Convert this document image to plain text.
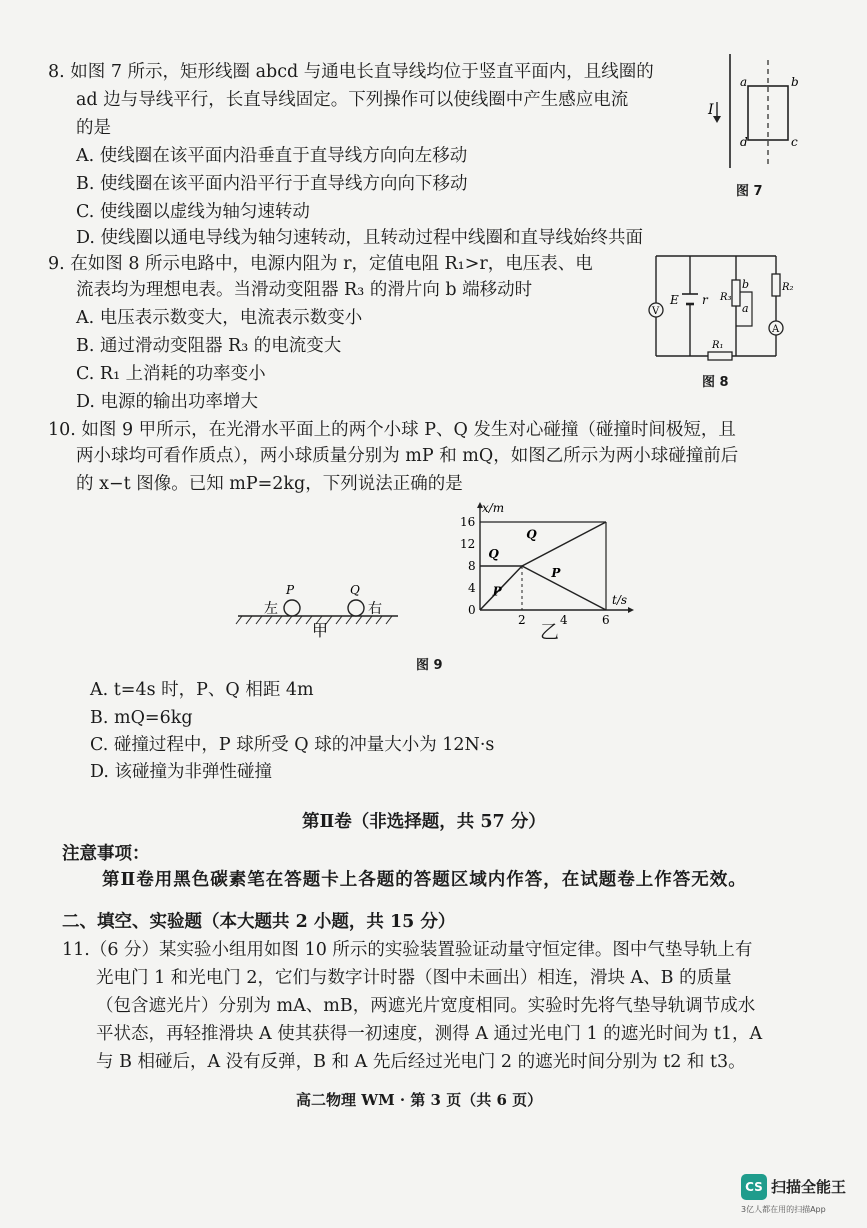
8. 如图 7 所示，矩形线圈 abcd 与通电长直导线均位于竖直平面内，且线圈的
ad 边与导线平行，长直导线固定。下列操作可以使线圈中产生感应电流
的是
A. 使线圈在该平面内沿垂直于直导线方向向左移动
B. 使线圈在该平面内沿平行于直导线方向向下移动
C. 使线圈以虚线为轴匀速转动
D. 使线圈以通电导线为轴匀速转动，且转动过程中线圈和直导线始终共面
I
a	b
d	c
图 7
9. 在如图 8 所示电路中，电源内阻为 r，定值电阻 R₁>r，电压表、电
流表均为理想电表。当滑动变阻器 R₃ 的滑片向 b 端移动时
A. 电压表示数变大，电流表示数变小
B. 通过滑动变阻器 R₃ 的电流变大
C. R₁ 上消耗的功率变小
D. 电源的输出功率增大
V
E r R₃
b
a
R₂
A
R₁
图 8
10. 如图 9 甲所示，在光滑水平面上的两个小球 P、Q 发生对心碰撞（碰撞时间极短，且
两小球均可看作质点），两小球质量分别为 mP 和 mQ，如图乙所示为两小球碰撞前后
的 x−t 图像。已知 mP=2kg，下列说法正确的是
P	Q
左	右
甲
t/s
x/m
2	4	6
0
4
8
12
16
Q
Q
P
P
乙
图 9
A. t=4s 时，P、Q 相距 4m
B. mQ=6kg
C. 碰撞过程中，P 球所受 Q 球的冲量大小为 12N·s
D. 该碰撞为非弹性碰撞
第Ⅱ卷（非选择题，共 57 分）
注意事项：
第Ⅱ卷用黑色碳素笔在答题卡上各题的答题区域内作答，在试题卷上作答无效。
二、填空、实验题（本大题共 2 小题，共 15 分）
11.（6 分）某实验小组用如图 10 所示的实验装置验证动量守恒定律。图中气垫导轨上有
光电门 1 和光电门 2，它们与数字计时器（图中未画出）相连，滑块 A、B 的质量
（包含遮光片）分别为 mA、mB，两遮光片宽度相同。实验时先将气垫导轨调节成水
平状态，再轻推滑块 A 使其获得一初速度，测得 A 通过光电门 1 的遮光时间为 t1，A
与 B 相碰后，A 没有反弹，B 和 A 先后经过光电门 2 的遮光时间分别为 t2 和 t3。
高二物理 WM · 第 3 页（共 6 页）
CS 扫描全能王
3亿人都在用的扫描App
